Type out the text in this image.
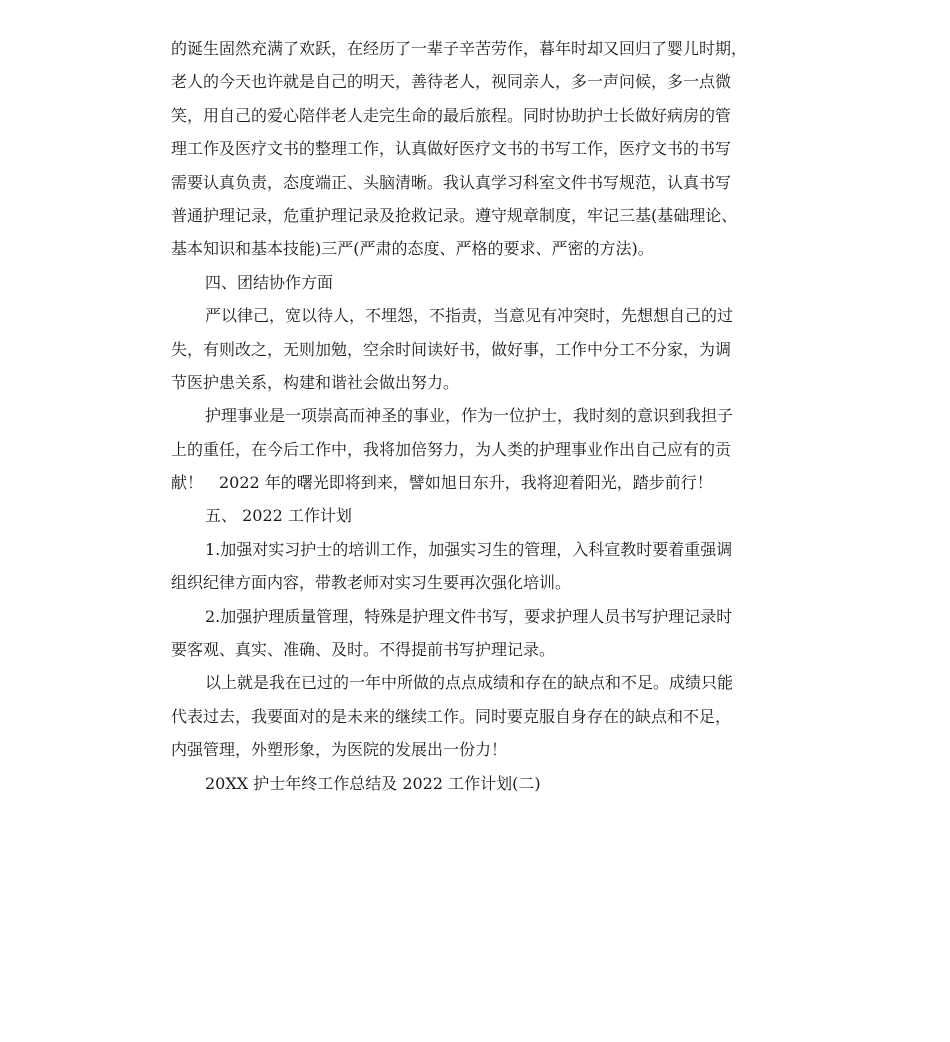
的诞生固然充满了欢跃，在经历了一辈子辛苦劳作，暮年时却又回归了婴儿时期，
老人的今天也许就是自己的明天，善待老人，视同亲人，多一声问候，多一点微
笑，用自己的爱心陪伴老人走完生命的最后旅程。同时协助护士长做好病房的管
理工作及医疗文书的整理工作，认真做好医疗文书的书写工作，医疗文书的书写
需要认真负责，态度端正、头脑清晰。我认真学习科室文件书写规范，认真书写
普通护理记录，危重护理记录及抢救记录。遵守规章制度，牢记三基(基础理论、
基本知识和基本技能)三严(严肃的态度、严格的要求、严密的方法)。
四、团结协作方面
严以律己，宽以待人，不埋怨，不指责，当意见有冲突时，先想想自己的过
失，有则改之，无则加勉，空余时间读好书，做好事，工作中分工不分家，为调
节医护患关系，构建和谐社会做出努力。
护理事业是一项崇高而神圣的事业，作为一位护士，我时刻的意识到我担子
上的重任，在今后工作中，我将加倍努力，为人类的护理事业作出自己应有的贡
献！　2022 年的曙光即将到来，譬如旭日东升，我将迎着阳光，踏步前行！
五、 2022 工作计划
1.加强对实习护士的培训工作，加强实习生的管理，入科宣教时要着重强调
组织纪律方面内容，带教老师对实习生要再次强化培训。
2.加强护理质量管理，特殊是护理文件书写，要求护理人员书写护理记录时
要客观、真实、准确、及时。不得提前书写护理记录。
以上就是我在已过的一年中所做的点点成绩和存在的缺点和不足。成绩只能
代表过去，我要面对的是未来的继续工作。同时要克服自身存在的缺点和不足，
内强管理，外塑形象，为医院的发展出一份力！
20XX 护士年终工作总结及 2022 工作计划(二)
